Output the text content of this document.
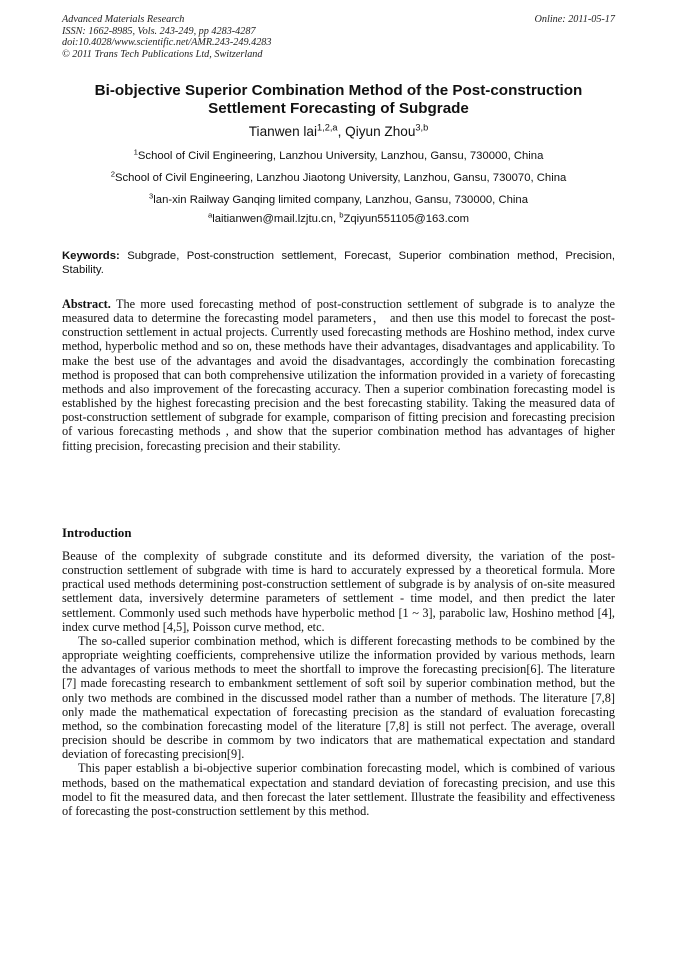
Advanced Materials Research
ISSN: 1662-8985, Vols. 243-249, pp 4283-4287
doi:10.4028/www.scientific.net/AMR.243-249.4283
© 2011 Trans Tech Publications Ltd, Switzerland
Online: 2011-05-17
Bi-objective Superior Combination Method of the Post-construction
Settlement Forecasting of Subgrade
Tianwen lai$^{1,2,a}$, Qiyun Zhou$^{3,b}$
$^1$School of Civil Engineering, Lanzhou University, Lanzhou, Gansu, 730000, China
$^2$School of Civil Engineering, Lanzhou Jiaotong University, Lanzhou, Gansu, 730070, China
$^3$lan-xin Railway Ganqing limited company, Lanzhou, Gansu, 730000, China
$^a$laitianwen@mail.lzjtu.cn, $^b$Zqiyun551105@163.com
Keywords: Subgrade, Post-construction settlement, Forecast, Superior combination method, Precision, Stability.
Abstract. The more used forecasting method of post-construction settlement of subgrade is to analyze the measured data to determine the forecasting model parameters， and then use this model to forecast the post-construction settlement in actual projects. Currently used forecasting methods are Hoshino method, index curve method, hyperbolic method and so on, these methods have their advantages, disadvantages and applicability. To make the best use of the advantages and avoid the disadvantages, accordingly the combination forecasting method is proposed that can both comprehensive utilization the information provided in a variety of forecasting methods and also improvement of the forecasting accuracy. Then a superior combination forecasting model is established by the highest forecasting precision and the best forecasting stability. Taking the measured data of post-construction settlement of subgrade for example, comparison of fitting precision and forecasting precision of various forecasting methods , and show that the superior combination method has advantages of higher fitting precision, forecasting precision and their stability.
Introduction

Beause of the complexity of subgrade constitute and its deformed diversity, the variation of the post-construction settlement of subgrade with time is hard to accurately expressed by a theoretical formula. More practical used methods determining post-construction settlement of subgrade is by analysis of on-site measured settlement data, inversively determine parameters of settlement - time model, and then predict the later settlement. Commonly used such methods have hyperbolic method [1 ~ 3], parabolic law, Hoshino method [4], index curve method [4,5], Poisson curve method, etc.

The so-called superior combination method, which is different forecasting methods to be combined by the appropriate weighting coefficients, comprehensive utilize the information provided by various methods, learn the advantages of various methods to meet the shortfall to improve the forecasting precision[6]. The literature [7] made forecasting research to embankment settlement of soft soil by superior combination method, but the only two methods are combined in the discussed model rather than a number of methods. The literature [7,8] only made the mathematical expectation of forecasting precision as the standard of evaluation forecasting method, so the combination forecasting model of the literature [7,8] is still not perfect. The average, overall precision should be describe in commom by two indicators that are mathematical expectation and standard deviation of forecasting precision[9].

This paper establish a bi-objective superior combination forecasting model, which is combined of various methods, based on the mathematical expectation and standard deviation of forecasting precision, and use this model to fit the measured data, and then forecast the later settlement. Illustrate the feasibility and effectiveness of forecasting the post-construction settlement by this method.
